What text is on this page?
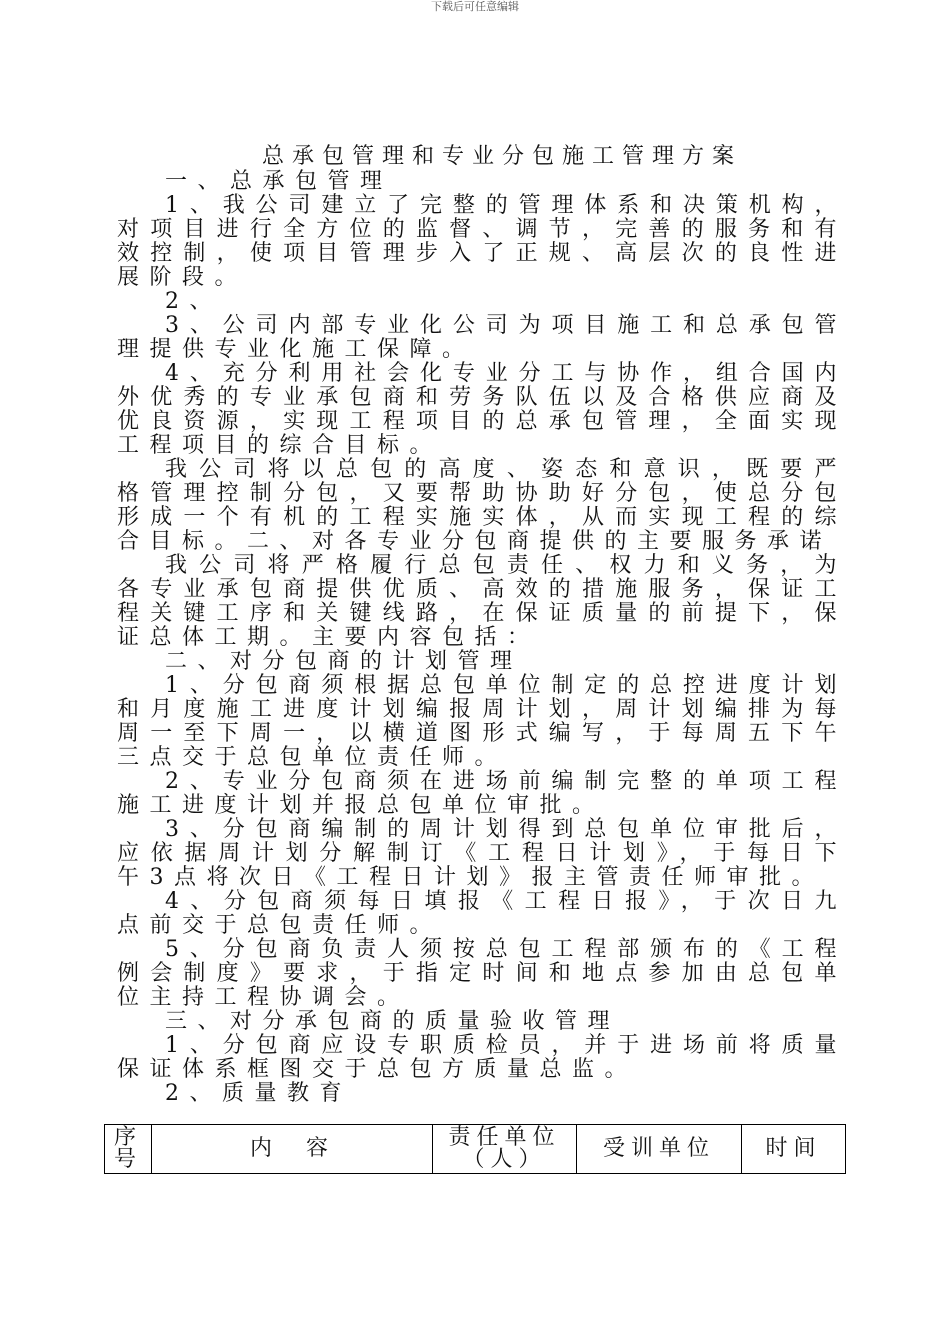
下载后可任意编辑
总承包管理和专业分包施工管理方案

一、总承包管理

1、我公司建立了完整的管理体系和决策机构，对项目进行全方位的监督、调节，完善的服务和有效控制，使项目管理步入了正规、高层次的良性进展阶段。

2、

3、公司内部专业化公司为项目施工和总承包管理提供专业化施工保障。

4、充分利用社会化专业分工与协作，组合国内外优秀的专业承包商和劳务队伍以及合格供应商及优良资源，实现工程项目的总承包管理，全面实现工程项目的综合目标。

我公司将以总包的高度、姿态和意识，既要严格管理控制分包，又要帮助协助好分包，使总分包形成一个有机的工程实施实体，从而实现工程的综合目标。二、对各专业分包商提供的主要服务承诺

我公司将严格履行总包责任、权力和义务，为各专业承包商提供优质、高效的措施服务，保证工程关键工序和关键线路，在保证质量的前提下，保证总体工期。主要内容包括：

二、对分包商的计划管理

1、分包商须根据总包单位制定的总控进度计划和月度施工进度计划编报周计划，周计划编排为每周一至下周一，以横道图形式编写，于每周五下午三点交于总包单位责任师。

2、专业分包商须在进场前编制完整的单项工程施工进度计划并报总包单位审批。

3、分包商编制的周计划得到总包单位审批后，应依据周计划分解制订《工程日计划》，于每日下午3点将次日《工程日计划》报主管责任师审批。

4、分包商须每日填报《工程日报》，于次日九点前交于总包责任师。

5、分包商负责人须按总包工程部颁布的《工程例会制度》要求，于指定时间和地点参加由总包单位主持工程协调会。

三、对分承包商的质量验收管理

1、分包商应设专职质检员，并于进场前将质量保证体系框图交于总包方质量总监。

2、质量教育

序号	内　容	责任单位（人）	受训单位	时间
